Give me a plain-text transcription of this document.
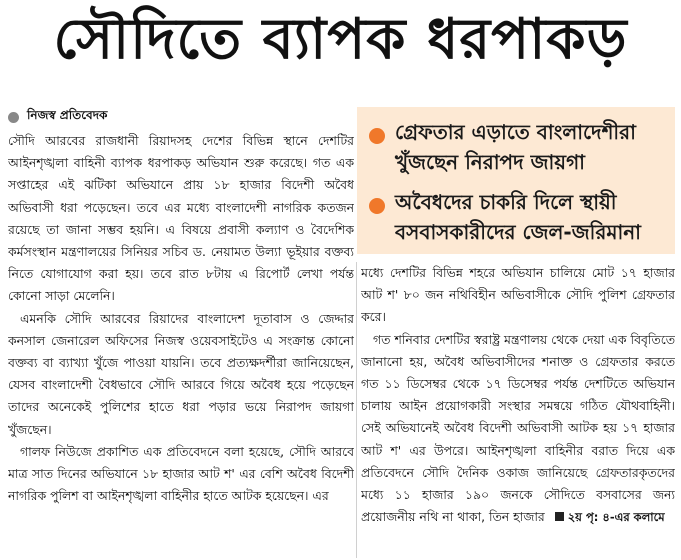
সৌদিতে ব্যাপক ধরপাকড়
নিজস্ব প্রতিবেদক
গ্রেফতার এড়াতে বাংলাদেশীরা খুঁজছেন নিরাপদ জায়গা
অবৈধদের চাকরি দিলে স্থায়ী বসবাসকারীদের জেল-জরিমানা

সৌদি আরবের রাজধানী রিয়াদসহ দেশের বিভিন্ন স্থানে দেশটির আইনশৃঙ্খলা বাহিনী ব্যাপক ধরপাকড় অভিযান শুরু করেছে। গত এক সপ্তাহের এই ঝটিকা অভিযানে প্রায় ১৮ হাজার বিদেশী অবৈধ অভিবাসী ধরা পড়েছেন। তবে এর মধ্যে বাংলাদেশী নাগরিক কতজন রয়েছে তা জানা সম্ভব হয়নি। এ বিষয়ে প্রবাসী কল্যাণ ও বৈদেশিক কর্মসংস্থান মন্ত্রণালয়ের সিনিয়র সচিব ড. নেয়ামত উল্যা ভূইয়ার বক্তব্য নিতে যোগাযোগ করা হয়। তবে রাত ৮টায় এ রিপোর্ট লেখা পর্যন্ত কোনো সাড়া মেলেনি।

এমনকি সৌদি আরবের রিয়াদের বাংলাদেশ দূতাবাস ও জেদ্দার কনসাল জেনারেল অফিসের নিজস্ব ওয়েবসাইটেও এ সংক্রান্ত কোনো বক্তব্য বা ব্যাখ্যা খুঁজে পাওয়া যায়নি। তবে প্রত্যক্ষদর্শীরা জানিয়েছেন, যেসব বাংলাদেশী বৈধভাবে সৌদি আরবে গিয়ে অবৈধ হয়ে পড়েছেন তাদের অনেকেই পুলিশের হাতে ধরা পড়ার ভয়ে নিরাপদ জায়গা খুঁজছেন।

গালফ নিউজে প্রকাশিত এক প্রতিবেদনে বলা হয়েছে, সৌদি আরবে মাত্র সাত দিনের অভিযানে ১৮ হাজার আট শ' এর বেশি অবৈধ বিদেশী নাগরিক পুলিশ বা আইনশৃঙ্খলা বাহিনীর হাতে আটক হয়েছেন। এর

মধ্যে দেশটির বিভিন্ন শহরে অভিযান চালিয়ে মোট ১৭ হাজার আট শ' ৮০ জন নথিবিহীন অভিবাসীকে সৌদি পুলিশ গ্রেফতার করে।

গত শনিবার দেশটির স্বরাষ্ট্র মন্ত্রণালয় থেকে দেয়া এক বিবৃতিতে জানানো হয়, অবৈধ অভিবাসীদের শনাক্ত ও গ্রেফতার করতে গত ১১ ডিসেম্বর থেকে ১৭ ডিসেম্বর পর্যন্ত দেশটিতে অভিযান চালায় আইন প্রয়োগকারী সংস্থার সমন্বয়ে গঠিত যৌথবাহিনী। সেই অভিযানেই অবৈধ বিদেশী অভিবাসী আটক হয় ১৭ হাজার আট শ' এর উপরে। আইনশৃঙ্খলা বাহিনীর বরাত দিয়ে এক প্রতিবেদনে সৌদি দৈনিক ওকাজ জানিয়েছে গ্রেফতারকৃতদের মধ্যে ১১ হাজার ১৯০ জনকে সৌদিতে বসবাসের জন্য প্রয়োজনীয় নথি না থাকা, তিন হাজার ২য় পৃ: ৪-এর কলামে
